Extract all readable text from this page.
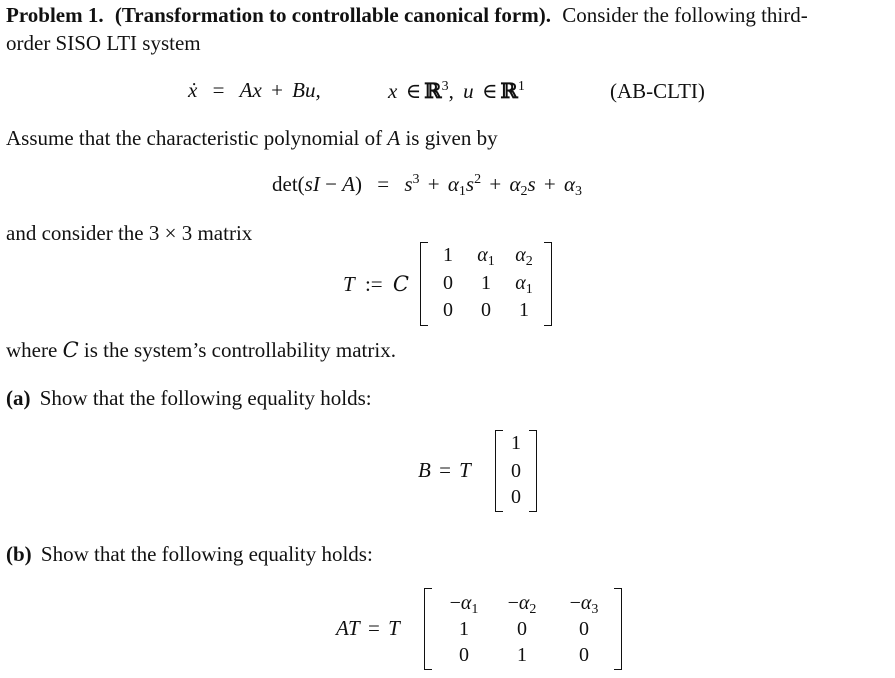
Problem 1. (Transformation to controllable canonical form). Consider the following third-
order SISO LTI system
ẋ = Ax + Bu,	x ∈ ℝ$^3$, u ∈ ℝ$^1$	(AB-CLTI)
Assume that the characteristic polynomial of A is given by
$\det(sI - A) = s^3 + \alpha_1s^2 + \alpha_2s + \alpha_3$
and consider the 3 × 3 matrix
T := C
1	$\alpha_1$	$\alpha_2$
0	1	$\alpha_1$
0	0	1
where C is the system’s controllability matrix.
(a) Show that the following equality holds:
B = T
1
0
0
(b) Show that the following equality holds:
AT = T
$-\alpha_1$	$-\alpha_2$	$-\alpha_3$
1	0	0
0	1	0
